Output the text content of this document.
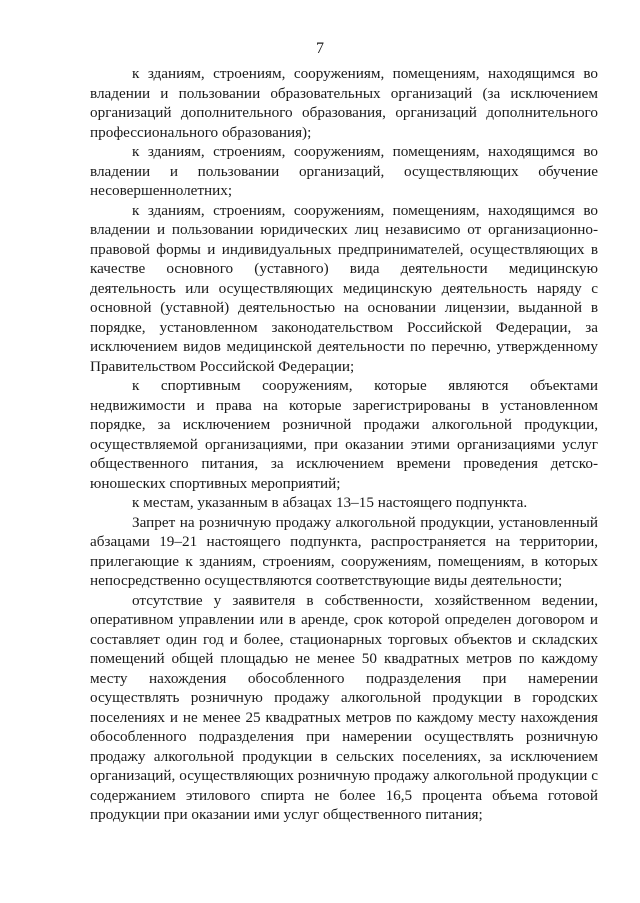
7

к зданиям, строениям, сооружениям, помещениям, находящимся во владении и пользовании образовательных организаций (за исключением организаций дополнительного образования, организаций дополнительного профессионального образования);

к зданиям, строениям, сооружениям, помещениям, находящимся во владении и пользовании организаций, осуществляющих обучение несовершеннолетних;

к зданиям, строениям, сооружениям, помещениям, находящимся во владении и пользовании юридических лиц независимо от организационно-правовой формы и индивидуальных предпринимателей, осуществляющих в качестве основного (уставного) вида деятельности медицинскую деятельность или осуществляющих медицинскую деятельность наряду с основной (уставной) деятельностью на основании лицензии, выданной в порядке, установленном законодательством Российской Федерации, за исключением видов медицинской деятельности по перечню, утвержденному Правительством Российской Федерации;

к спортивным сооружениям, которые являются объектами недвижимости и права на которые зарегистрированы в установленном порядке, за исключением розничной продажи алкогольной продукции, осуществляемой организациями, при оказании этими организациями услуг общественного питания, за исключением времени проведения детско-юношеских спортивных мероприятий;

к местам, указанным в абзацах 13–15 настоящего подпункта.

Запрет на розничную продажу алкогольной продукции, установленный абзацами 19–21 настоящего подпункта, распространяется на территории, прилегающие к зданиям, строениям, сооружениям, помещениям, в которых непосредственно осуществляются соответствующие виды деятельности;

отсутствие у заявителя в собственности, хозяйственном ведении, оперативном управлении или в аренде, срок которой определен договором и составляет один год и более, стационарных торговых объектов и складских помещений общей площадью не менее 50 квадратных метров по каждому месту нахождения обособленного подразделения при намерении осуществлять розничную продажу алкогольной продукции в городских поселениях и не менее 25 квадратных метров по каждому месту нахождения обособленного подразделения при намерении осуществлять розничную продажу алкогольной продукции в сельских поселениях, за исключением организаций, осуществляющих розничную продажу алкогольной продукции с содержанием этилового спирта не более 16,5 процента объема готовой продукции при оказании ими услуг общественного питания;
